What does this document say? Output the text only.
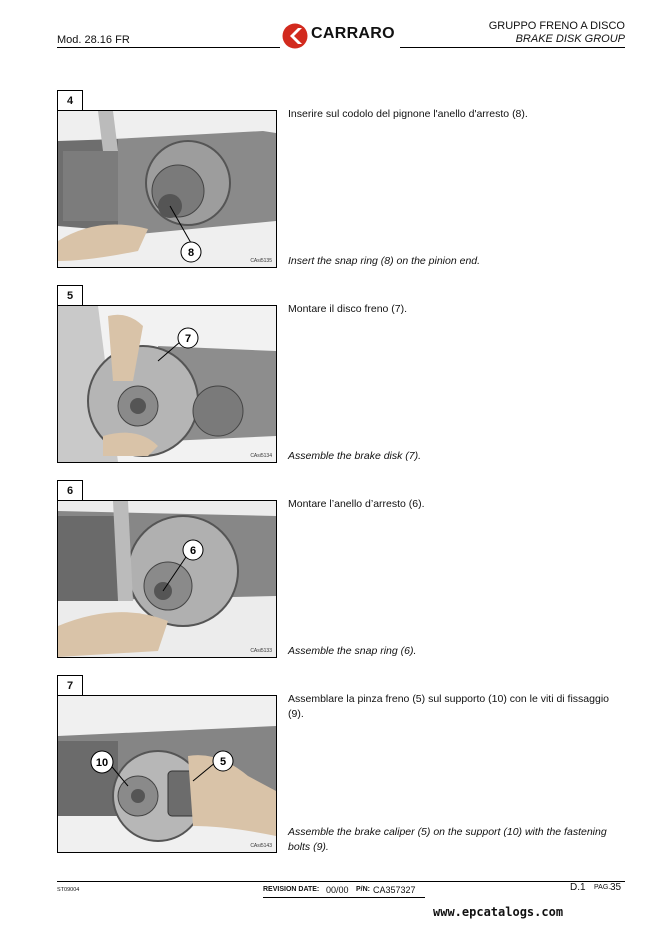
Mod. 28.16 FR	CARRARO	GRUPPO FRENO A DISCO
BRAKE DISK GROUP
4
8
CAsi5135
Inserire sul codolo del pignone l'anello d'arresto (8).
Insert the snap ring (8) on the pinion end.
5
7
CAsi5134
Montare il disco freno (7).
Assemble the brake disk (7).
6
6
CAsi5133
Montare l’anello d’arresto (6).
Assemble the snap ring (6).
7
10	5
CAsi5143
Assemblare la pinza freno (5) sul supporto (10) con le viti di fissaggio (9).
Assemble the brake caliper (5) on the support (10) with the fastening bolts (9).
ST09004	REVISION DATE: 00/00 P/N: CA357327	D.1 PAG. 35
www.epcatalogs.com
